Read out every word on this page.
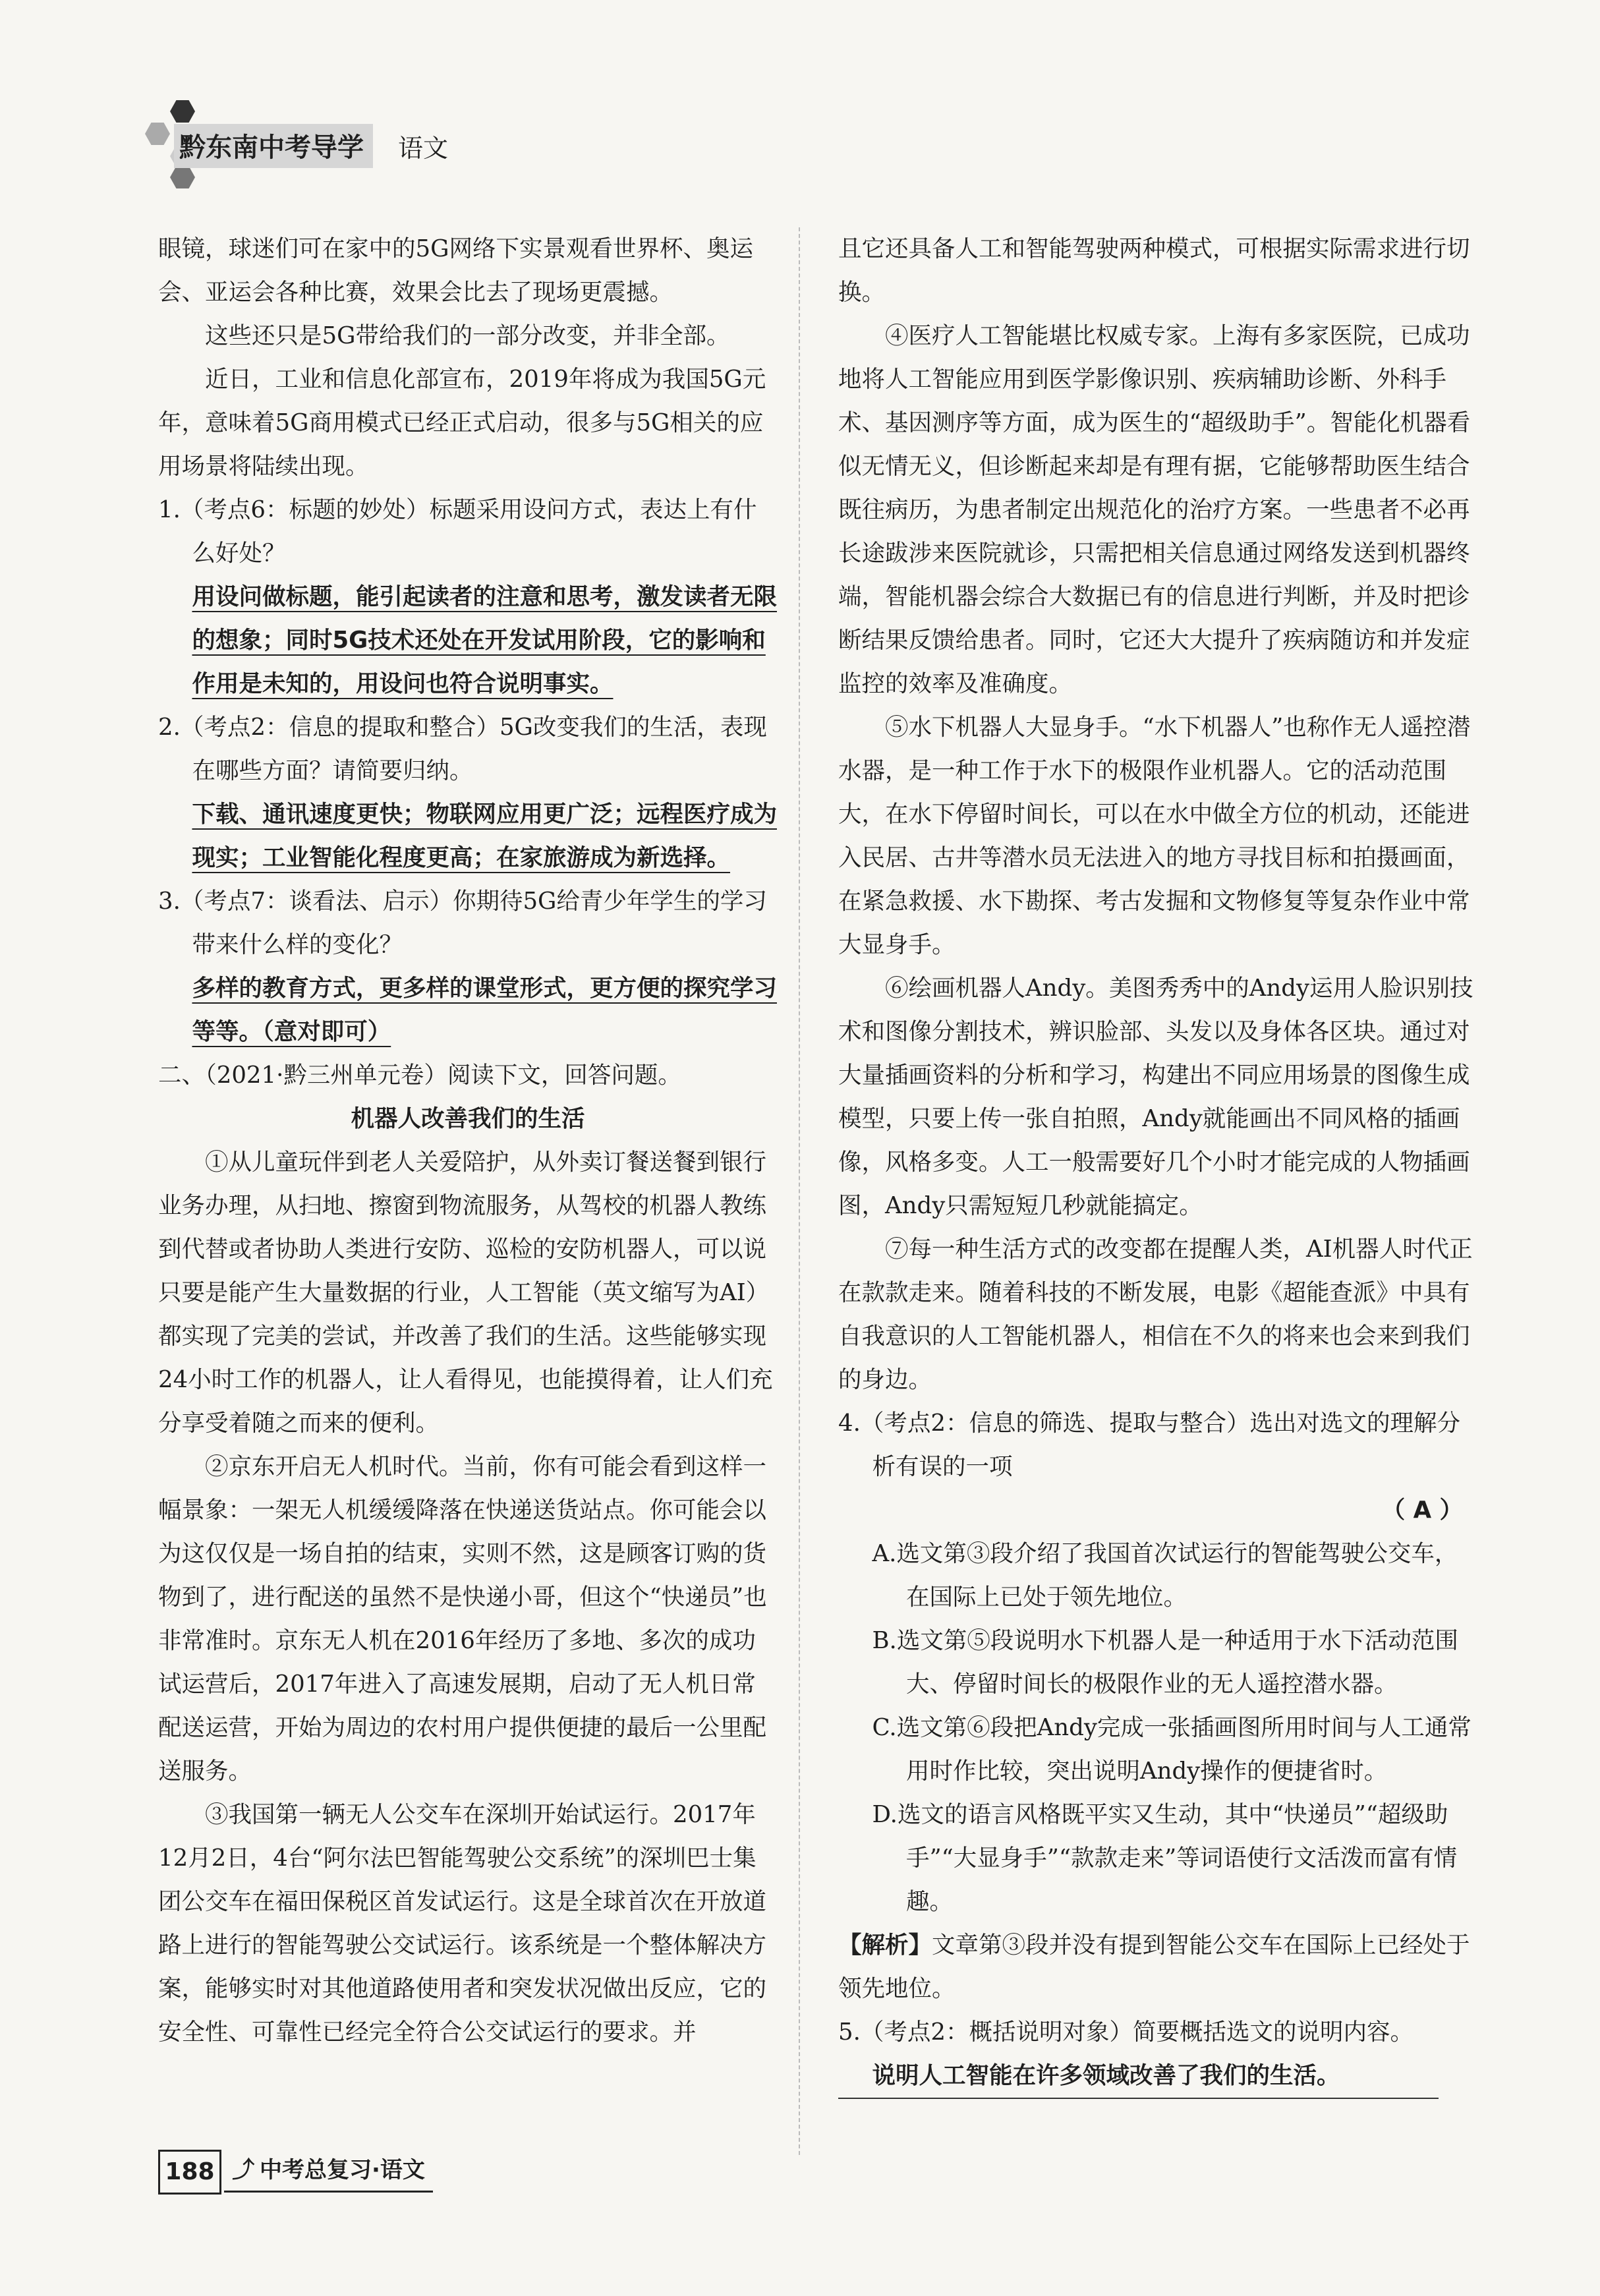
黔东南中考导学	语文

眼镜，球迷们可在家中的5G网络下实景观看世界杯、奥运会、亚运会各种比赛，效果会比去了现场更震撼。

这些还只是5G带给我们的一部分改变，并非全部。

近日，工业和信息化部宣布，2019年将成为我国5G元年，意味着5G商用模式已经正式启动，很多与5G相关的应用场景将陆续出现。

1.（考点6：标题的妙处）标题采用设问方式，表达上有什么好处？

用设问做标题，能引起读者的注意和思考，激发读者无限的想象；同时5G技术还处在开发试用阶段，它的影响和作用是未知的，用设问也符合说明事实。

2.（考点2：信息的提取和整合）5G改变我们的生活，表现在哪些方面？请简要归纳。

下载、通讯速度更快；物联网应用更广泛；远程医疗成为现实；工业智能化程度更高；在家旅游成为新选择。

3.（考点7：谈看法、启示）你期待5G给青少年学生的学习带来什么样的变化？

多样的教育方式，更多样的课堂形式，更方便的探究学习等等。（意对即可）

二、（2021·黔三州单元卷）阅读下文，回答问题。

机器人改善我们的生活

①从儿童玩伴到老人关爱陪护，从外卖订餐送餐到银行业务办理，从扫地、擦窗到物流服务，从驾校的机器人教练到代替或者协助人类进行安防、巡检的安防机器人，可以说只要是能产生大量数据的行业，人工智能（英文缩写为AI）都实现了完美的尝试，并改善了我们的生活。这些能够实现24小时工作的机器人，让人看得见，也能摸得着，让人们充分享受着随之而来的便利。

②京东开启无人机时代。当前，你有可能会看到这样一幅景象：一架无人机缓缓降落在快递送货站点。你可能会以为这仅仅是一场自拍的结束，实则不然，这是顾客订购的货物到了，进行配送的虽然不是快递小哥，但这个“快递员”也非常准时。京东无人机在2016年经历了多地、多次的成功试运营后，2017年进入了高速发展期，启动了无人机日常配送运营，开始为周边的农村用户提供便捷的最后一公里配送服务。

③我国第一辆无人公交车在深圳开始试运行。2017年12月2日，4台“阿尔法巴智能驾驶公交系统”的深圳巴士集团公交车在福田保税区首发试运行。这是全球首次在开放道路上进行的智能驾驶公交试运行。该系统是一个整体解决方案，能够实时对其他道路使用者和突发状况做出反应，它的安全性、可靠性已经完全符合公交试运行的要求。并

且它还具备人工和智能驾驶两种模式，可根据实际需求进行切换。

④医疗人工智能堪比权威专家。上海有多家医院，已成功地将人工智能应用到医学影像识别、疾病辅助诊断、外科手术、基因测序等方面，成为医生的“超级助手”。智能化机器看似无情无义，但诊断起来却是有理有据，它能够帮助医生结合既往病历，为患者制定出规范化的治疗方案。一些患者不必再长途跋涉来医院就诊，只需把相关信息通过网络发送到机器终端，智能机器会综合大数据已有的信息进行判断，并及时把诊断结果反馈给患者。同时，它还大大提升了疾病随访和并发症监控的效率及准确度。

⑤水下机器人大显身手。“水下机器人”也称作无人遥控潜水器，是一种工作于水下的极限作业机器人。它的活动范围大，在水下停留时间长，可以在水中做全方位的机动，还能进入民居、古井等潜水员无法进入的地方寻找目标和拍摄画面，在紧急救援、水下勘探、考古发掘和文物修复等复杂作业中常大显身手。

⑥绘画机器人Andy。美图秀秀中的Andy运用人脸识别技术和图像分割技术，辨识脸部、头发以及身体各区块。通过对大量插画资料的分析和学习，构建出不同应用场景的图像生成模型，只要上传一张自拍照，Andy就能画出不同风格的插画像，风格多变。人工一般需要好几个小时才能完成的人物插画图，Andy只需短短几秒就能搞定。

⑦每一种生活方式的改变都在提醒人类，AI机器人时代正在款款走来。随着科技的不断发展，电影《超能查派》中具有自我意识的人工智能机器人，相信在不久的将来也会来到我们的身边。

4.（考点2：信息的筛选、提取与整合）选出对选文的理解分析有误的一项

（ A ）

A.选文第③段介绍了我国首次试运行的智能驾驶公交车，在国际上已处于领先地位。

B.选文第⑤段说明水下机器人是一种适用于水下活动范围大、停留时间长的极限作业的无人遥控潜水器。

C.选文第⑥段把Andy完成一张插画图所用时间与人工通常用时作比较，突出说明Andy操作的便捷省时。

D.选文的语言风格既平实又生动，其中“快递员”“超级助手”“大显身手”“款款走来”等词语使行文活泼而富有情趣。

【解析】文章第③段并没有提到智能公交车在国际上已经处于领先地位。

5.（考点2：概括说明对象）简要概括选文的说明内容。

说明人工智能在许多领域改善了我们的生活。

188 ⤴ 中考总复习·语文
